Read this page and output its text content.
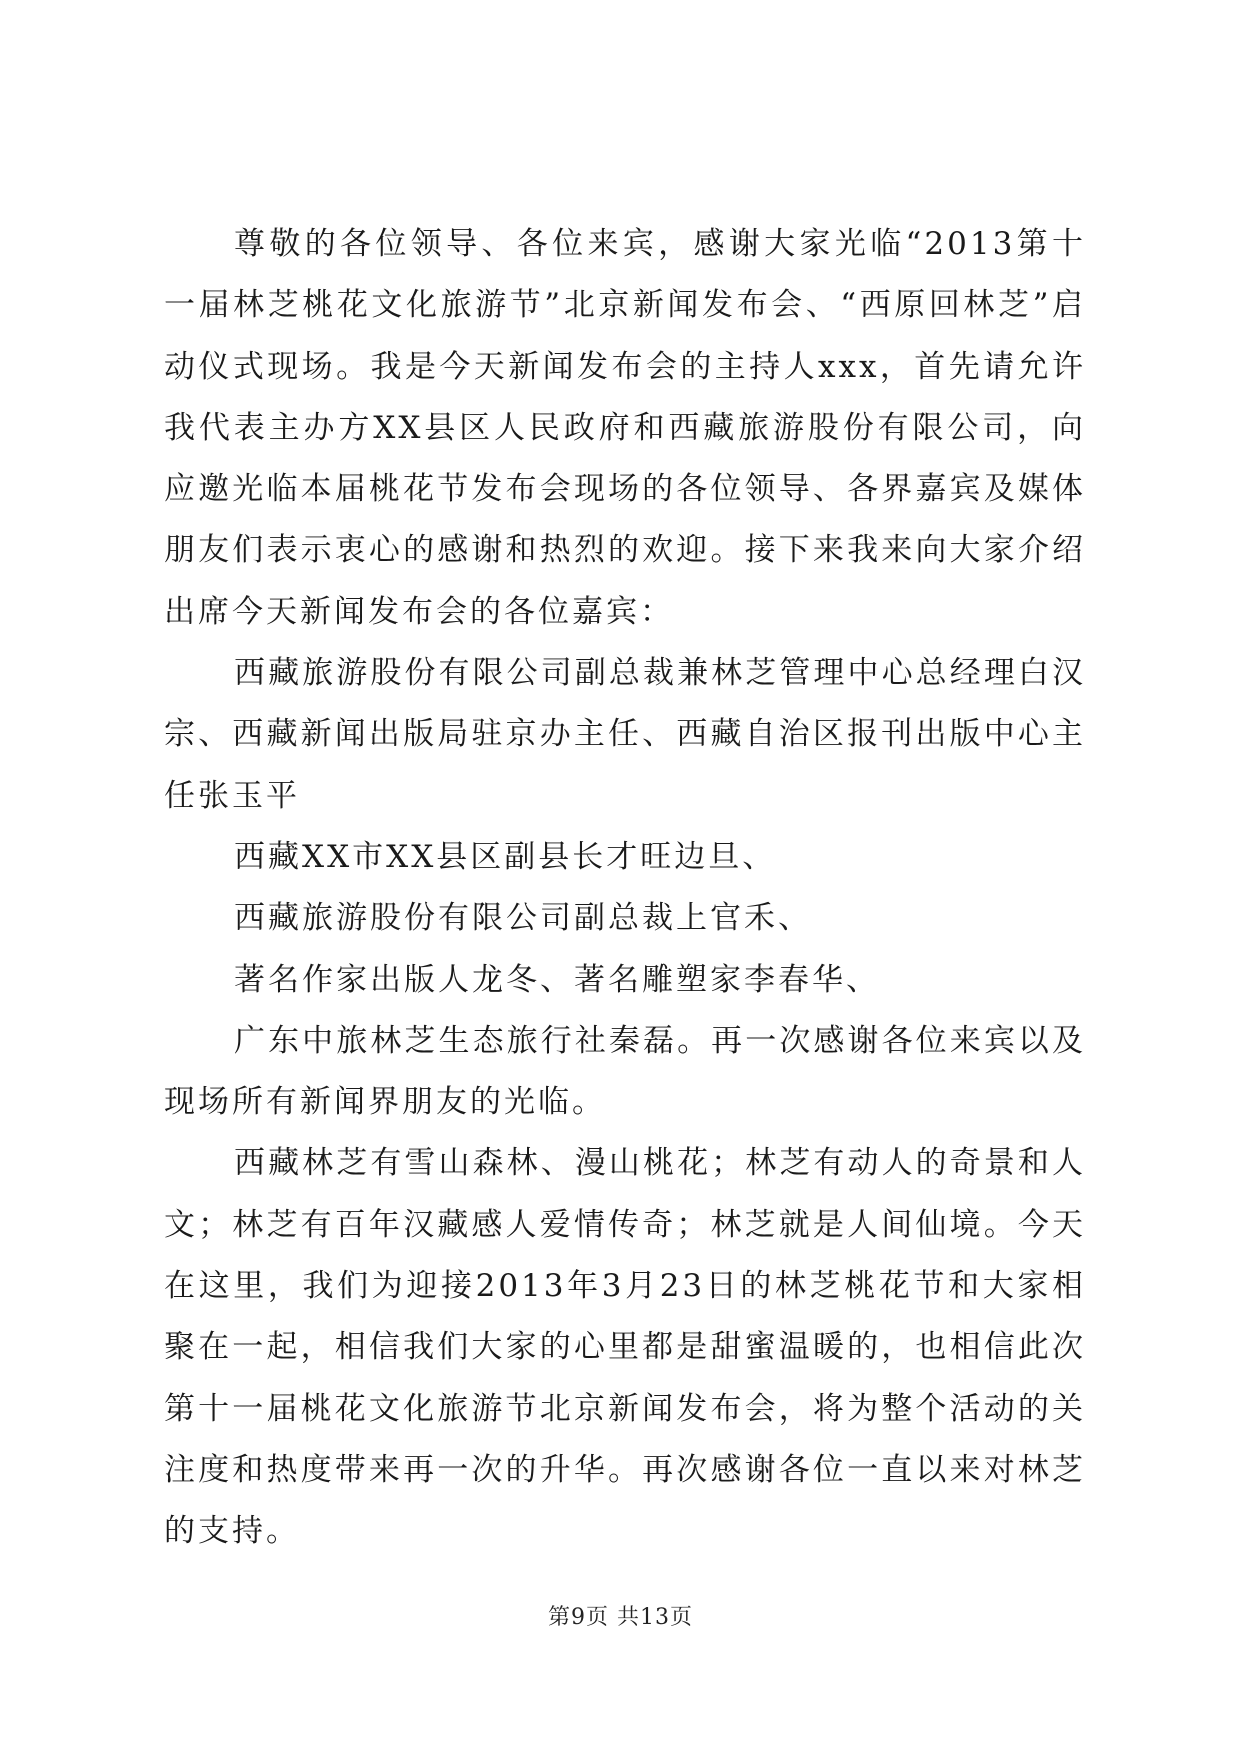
尊敬的各位领导、各位来宾，感谢大家光临“2013第十一届林芝桃花文化旅游节”北京新闻发布会、“西原回林芝”启动仪式现场。我是今天新闻发布会的主持人xxx，首先请允许我代表主办方XX县区人民政府和西藏旅游股份有限公司，向应邀光临本届桃花节发布会现场的各位领导、各界嘉宾及媒体朋友们表示衷心的感谢和热烈的欢迎。接下来我来向大家介绍出席今天新闻发布会的各位嘉宾：

西藏旅游股份有限公司副总裁兼林芝管理中心总经理白汉宗、西藏新闻出版局驻京办主任、西藏自治区报刊出版中心主任张玉平

西藏XX市XX县区副县长才旺边旦、

西藏旅游股份有限公司副总裁上官禾、

著名作家出版人龙冬、著名雕塑家李春华、

广东中旅林芝生态旅行社秦磊。再一次感谢各位来宾以及现场所有新闻界朋友的光临。

西藏林芝有雪山森林、漫山桃花；林芝有动人的奇景和人文；林芝有百年汉藏感人爱情传奇；林芝就是人间仙境。今天在这里，我们为迎接2013年3月23日的林芝桃花节和大家相聚在一起，相信我们大家的心里都是甜蜜温暖的，也相信此次第十一届桃花文化旅游节北京新闻发布会，将为整个活动的关注度和热度带来再一次的升华。再次感谢各位一直以来对林芝的支持。

第9页 共13页
